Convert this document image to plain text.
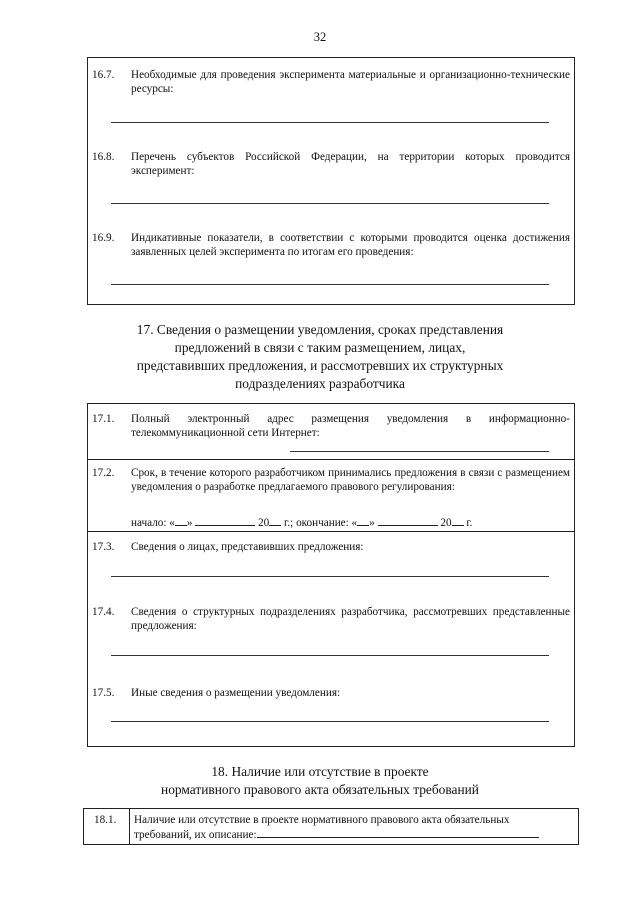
32
16.7. Необходимые для проведения эксперимента материальные и организационно-технические ресурсы:
16.8. Перечень субъектов Российской Федерации, на территории которых проводится эксперимент:
16.9. Индикативные показатели, в соответствии с которыми проводится оценка достижения заявленных целей эксперимента по итогам его проведения:
17. Сведения о размещении уведомления, сроках представления
предложений в связи с таким размещением, лицах,
представивших предложения, и рассмотревших их структурных
подразделениях разработчика
17.1. Полный электронный адрес размещения уведомления в информационно-телекоммуникационной сети Интернет:
17.2. Срок, в течение которого разработчиком принимались предложения в связи с размещением уведомления о разработке предлагаемого правового регулирования:
начало: « »	20 г.; окончание: « »	20 г.
17.3. Сведения о лицах, представивших предложения:
17.4. Сведения о структурных подразделениях разработчика, рассмотревших представленные предложения:
17.5. Иные сведения о размещении уведомления:
18. Наличие или отсутствие в проекте
нормативного правового акта обязательных требований
18.1. Наличие или отсутствие в проекте нормативного правового акта обязательных
требований, их описание:
